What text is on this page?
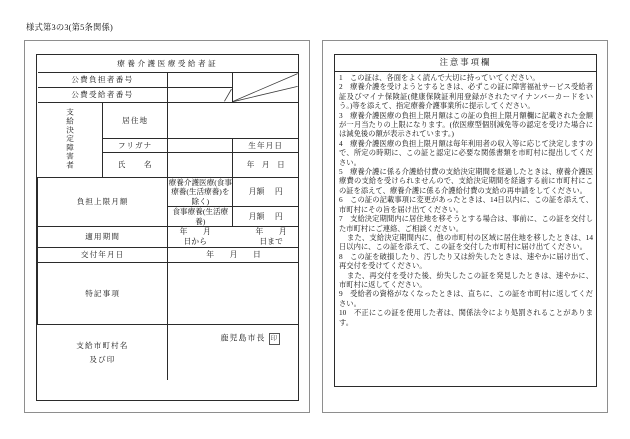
様式第3の3(第5条関係)
療養介護医療受給者証			
公費負担者番号	

公費受給者番号	

支給決定障害者	居住地		
	フリガナ		生年月日
	氏　　名		年　月　日
負担上限月額		療養介護医療(食事療養(生活療養)を除く)	月額 円

		食事療養(生活療養)	月額 円

適用期間		年　　月　　日から
年　　月　　日まで	

交付年月日		年　　月　　日	

特記事項			

支給市町村名
及び印		鹿児島市長 印	
注意事項欄

1　この証は、各面をよく読んで大切に持っていてください。

2　療養介護を受けようとするときは、必ずこの証に障害福祉サービス受給者証及びマイナ保険証(健康保険証利用登録がされたマイナンバーカードをいう。)等を添えて、指定療養介護事業所に提示してください。

3　療養介護医療の負担上限月額はこの証の負担上限月額欄に記載された金額が一月当たりの上限になります。(依医療型個別減免等の認定を受けた場合には減免後の額が表示されています。)

4　療養介護医療の負担上限月額は毎年利用者の収入等に応じて決定しますので、所定の時期に、この証と認定に必要な関係書類を市町村に提出してください。

5　療養介護に係る介護給付費の支給決定期間を経過したときは、療養介護医療費の支給を受けられませんので、支給決定期間を経過する前に市町村にこの証を添えて、療養介護に係る介護給付費の支給の再申請をしてください。

6　この証の記載事項に変更があったときは、14日以内に、この証を添えて、市町村にその旨を届け出てください。

7　支給決定期間内に居住地を移そうとする場合は、事前に、この証を交付した市町村にご連絡、ご相談ください。

また、支給決定期間内に、他の市町村の区域に居住地を移したときは、14日以内に、この証を添えて、この証を交付した市町村に届け出てください。

8　この証を破損したり、汚したり又は紛失したときは、速やかに届け出て、再交付を受けてください。

また、再交付を受けた後、紛失したこの証を発見したときは、速やかに、市町村に返してください。

9　受給者の資格がなくなったときは、直ちに、この証を市町村に返してください。

10　不正にこの証を使用した者は、関係法令により処罰されることがあります。
